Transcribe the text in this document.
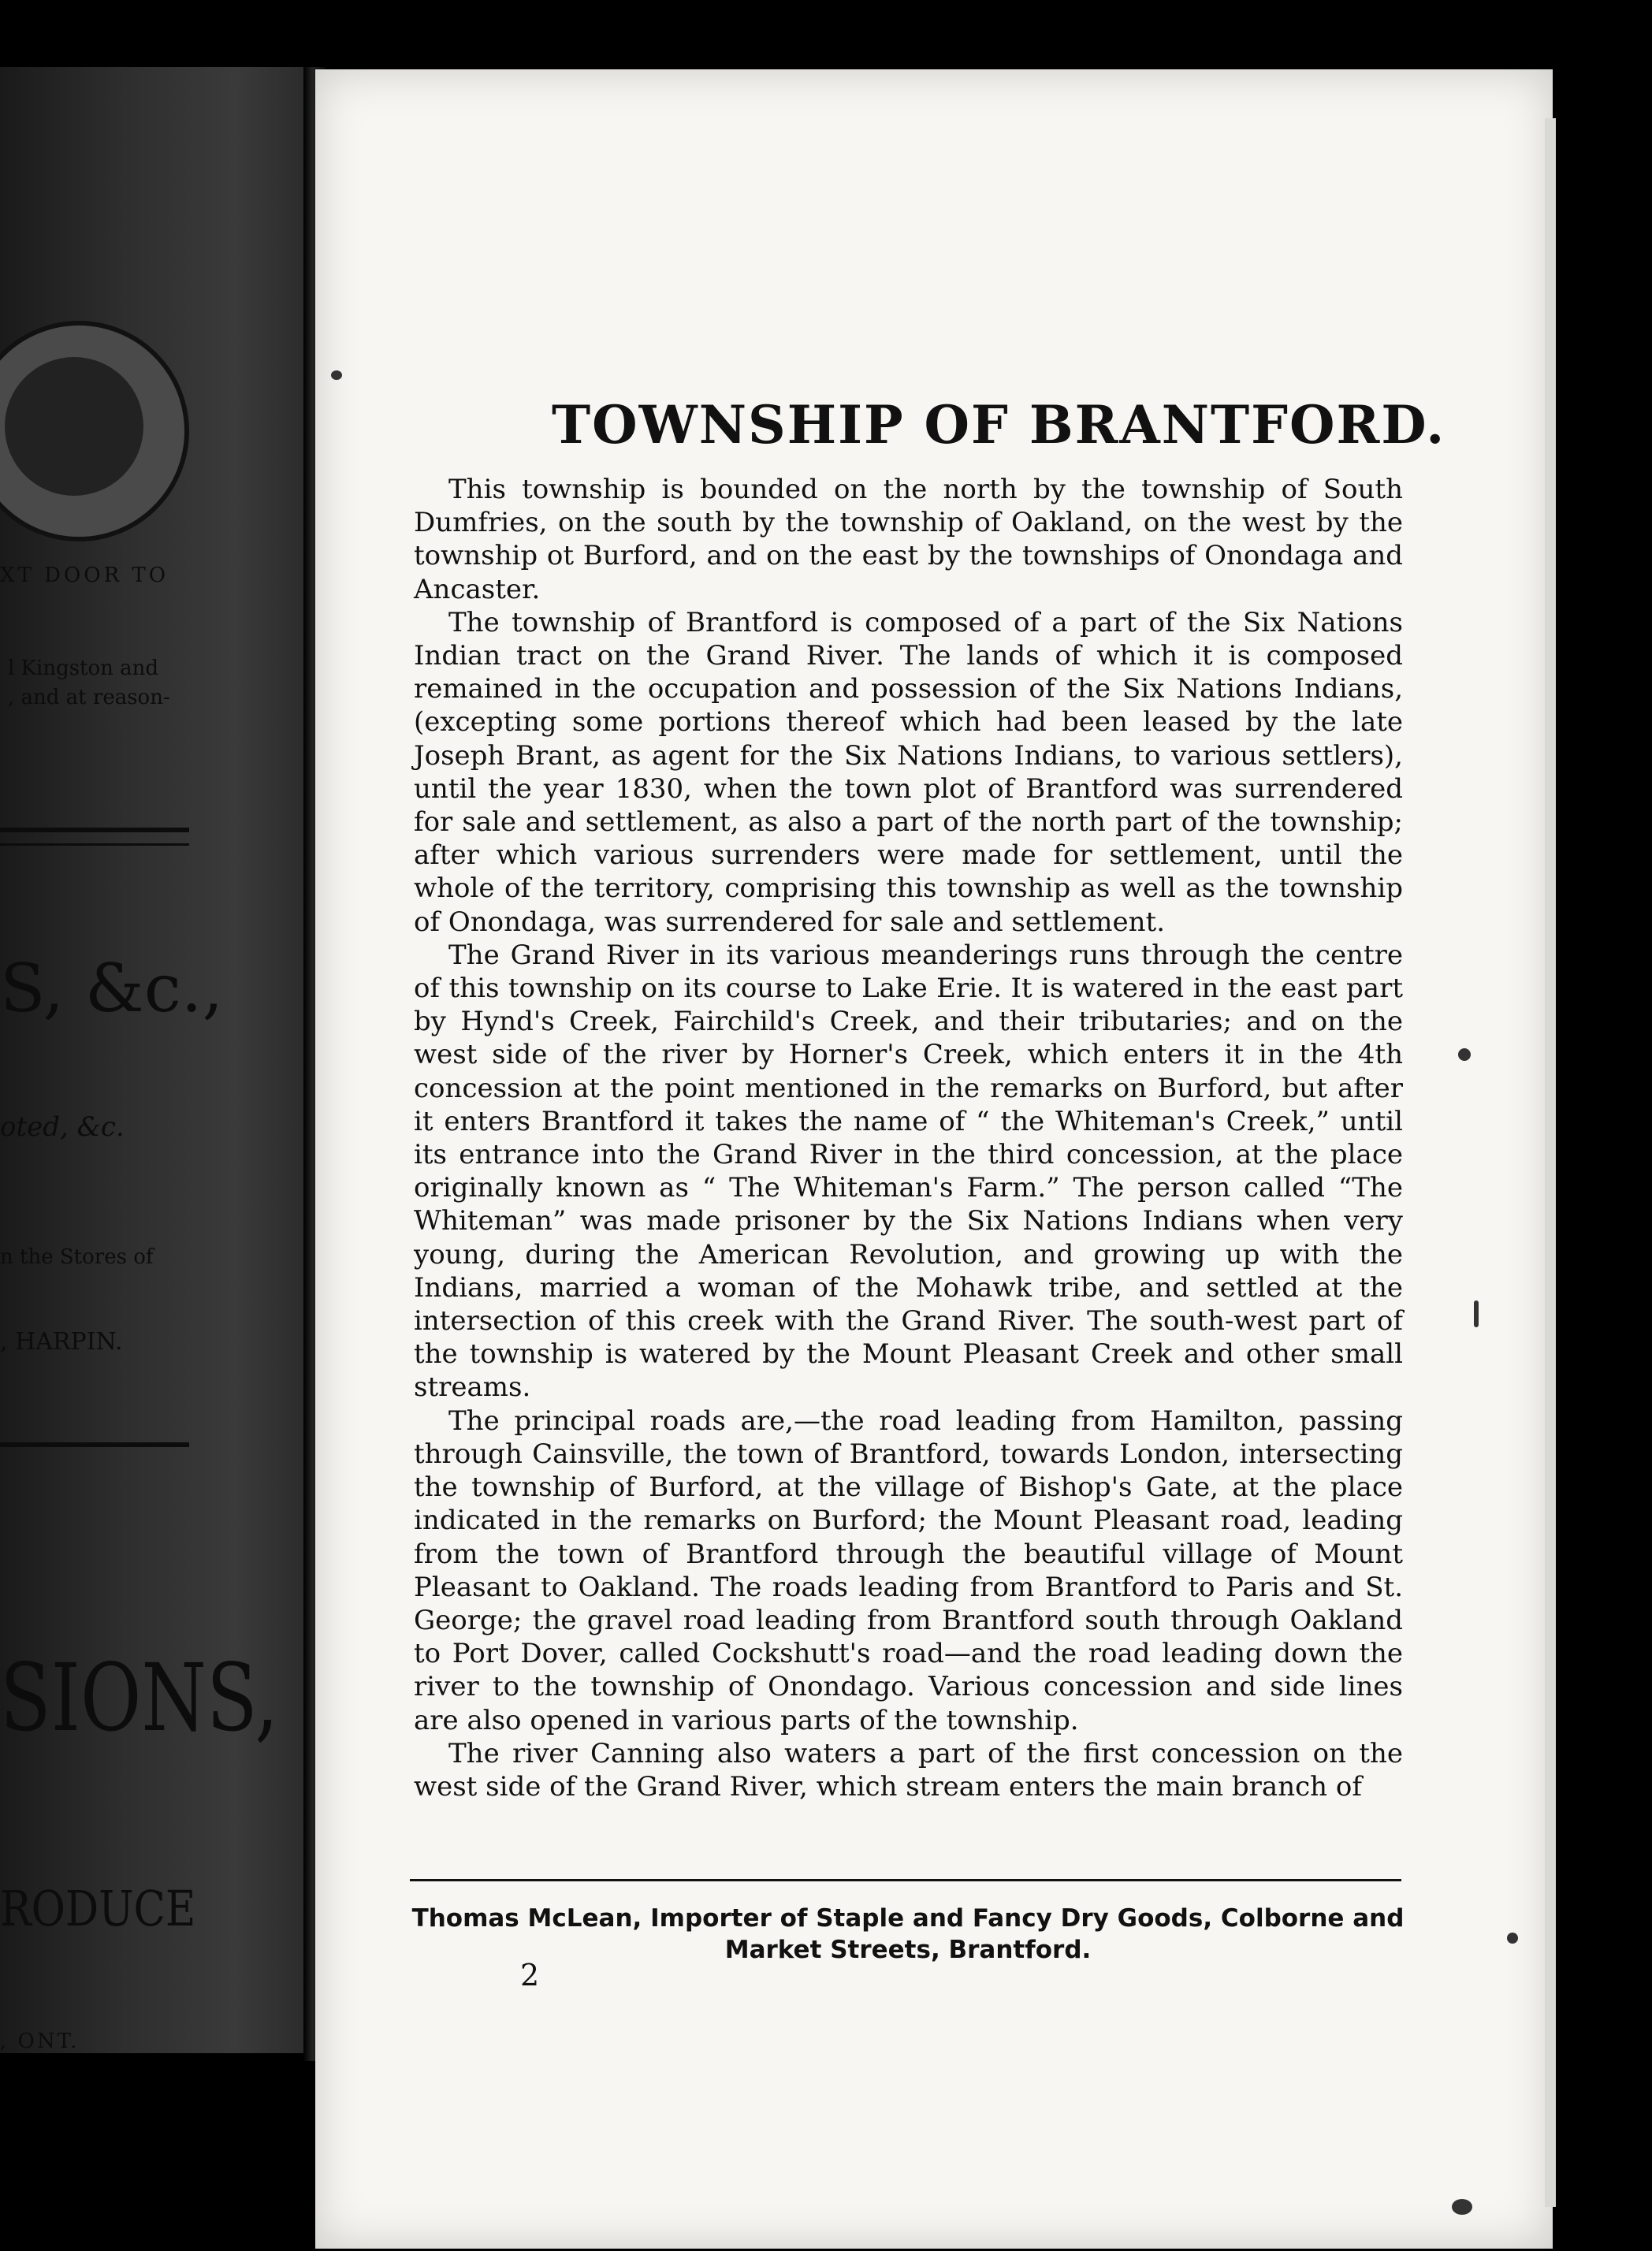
XT DOOR TO
l Kingston and
, and at reason-
S, &c.,
oted, &c.
n the Stores of
, HARPIN.
SIONS,
RODUCE
, ONT.
TOWNSHIP OF BRANTFORD.

This township is bounded on the north by the township of South Dumfries, on the south by the township of Oakland, on the west by the township ot Burford, and on the east by the townships of Onondaga and Ancaster.

The township of Brantford is composed of a part of the Six Nations Indian tract on the Grand River. The lands of which it is composed remained in the occupation and possession of the Six Nations Indians, (excepting some portions thereof which had been leased by the late Joseph Brant, as agent for the Six Nations Indians, to various settlers), until the year 1830, when the town plot of Brantford was surrendered for sale and settlement, as also a part of the north part of the township; after which various surrenders were made for settlement, until the whole of the territory, comprising this township as well as the township of Onondaga, was surrendered for sale and settlement.

The Grand River in its various meanderings runs through the centre of this township on its course to Lake Erie. It is watered in the east part by Hynd's Creek, Fairchild's Creek, and their tributaries; and on the west side of the river by Horner's Creek, which enters it in the 4th concession at the point mentioned in the remarks on Burford, but after it enters Brantford it takes the name of “ the Whiteman's Creek,” until its entrance into the Grand River in the third concession, at the place originally known as “ The Whiteman's Farm.” The person called “The Whiteman” was made prisoner by the Six Nations Indians when very young, during the American Revolution, and growing up with the Indians, married a woman of the Mohawk tribe, and settled at the intersection of this creek with the Grand River. The south-west part of the township is watered by the Mount Pleasant Creek and other small streams.

The principal roads are,—the road leading from Hamilton, passing through Cainsville, the town of Brantford, towards London, intersecting the township of Burford, at the village of Bishop's Gate, at the place indicated in the remarks on Burford; the Mount Pleasant road, leading from the town of Brantford through the beautiful village of Mount Pleasant to Oakland. The roads leading from Brantford to Paris and St. George; the gravel road leading from Brantford south through Oakland to Port Dover, called Cockshutt's road—and the road leading down the river to the township of Onondago. Various concession and side lines are also opened in various parts of the township.

The river Canning also waters a part of the first concession on the west side of the Grand River, which stream enters the main branch of

Thomas McLean, Importer of Staple and Fancy Dry Goods, Colborne and Market Streets, Brantford.
2
